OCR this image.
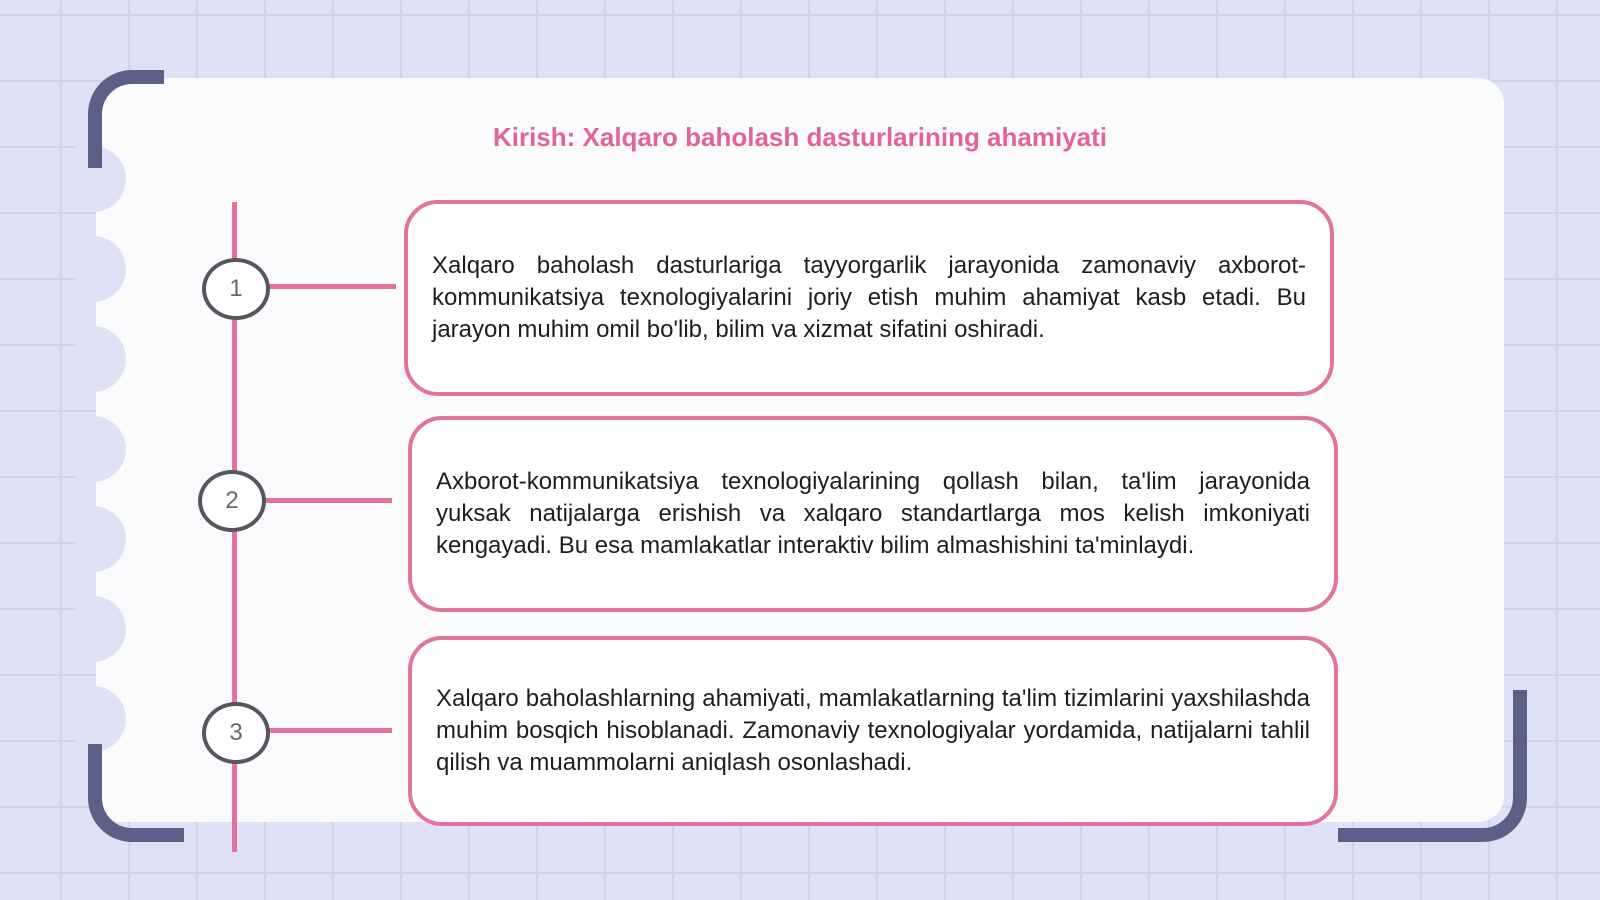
Kirish: Xalqaro baholash dasturlarining ahamiyati
1

Xalqaro baholash dasturlariga tayyorgarlik jarayonida zamonaviy axborot-kommunikatsiya texnologiyalarini joriy etish muhim ahamiyat kasb etadi. Bu jarayon muhim omil bo'lib, bilim va xizmat sifatini oshiradi.

2

Axborot-kommunikatsiya texnologiyalarining qollash bilan, ta'lim jarayonida yuksak natijalarga erishish va xalqaro standartlarga mos kelish imkoniyati kengayadi. Bu esa mamlakatlar interaktiv bilim almashishini ta'minlaydi.

3

Xalqaro baholashlarning ahamiyati, mamlakatlarning ta'lim tizimlarini yaxshilashda muhim bosqich hisoblanadi. Zamonaviy texnologiyalar yordamida, natijalarni tahlil qilish va muammolarni aniqlash osonlashadi.
